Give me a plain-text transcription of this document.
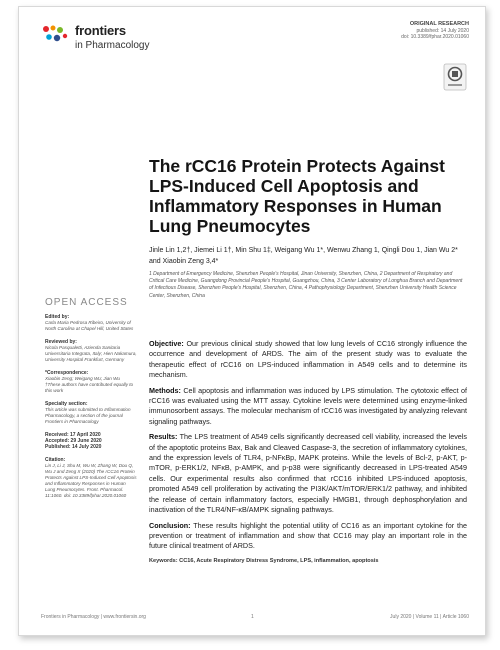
frontiers
in Pharmacology
ORIGINAL RESEARCH
published: 14 July 2020
doi: 10.3389/fphar.2020.01060
The rCC16 Protein Protects Against LPS-Induced Cell Apoptosis and Inflammatory Responses in Human Lung Pneumocytes
Jinle Lin 1,2†, Jiemei Li 1†, Min Shu 1‡, Weigang Wu 1*, Wenwu Zhang 1, Qingli Dou 1, Jian Wu 2* and Xiaobin Zeng 3,4*
1 Department of Emergency Medicine, Shenzhen People's Hospital, Jinan University, Shenzhen, China, 2 Department of Respiratory and Critical Care Medicine, Guangdong Provincial People's Hospital, Guangzhou, China, 3 Center Laboratory of Longhua Branch and Department of Infectious Disease, Shenzhen People's Hospital, Shenzhen, China, 4 Pathophysiology Department, Shenzhen University Health Science Center, Shenzhen, China
OPEN ACCESS
Edited by:
Carla Maria Pedrosa Ribeiro, University of North Carolina at Chapel Hill, United States
Reviewed by:
Nicola Pasqualetti, Azienda Sanitaria Universitaria Integrata, Italy; Hien Nakamura, University Hospital Frankfurt, Germany
*Correspondence:
Xiaobin Zeng; Weigang Wu; Jian Wu
†These authors have contributed equally to this work
Specialty section:
This article was submitted to Inflammation Pharmacology, a section of the journal Frontiers in Pharmacology
Received: 17 April 2020
Accepted: 29 June 2020
Published: 14 July 2020
Citation:
Lin J, Li J, Shu M, Wu W, Zhang W, Dou Q, Wu J and Zeng X (2020) The rCC16 Protein Protects Against LPS-Induced Cell Apoptosis and Inflammatory Responses in Human Lung Pneumocytes. Front. Pharmacol. 11:1060. doi: 10.3389/fphar.2020.01060

Objective: Our previous clinical study showed that low lung levels of CC16 strongly influence the occurrence and development of ARDS. The aim of the present study was to evaluate the therapeutic effect of rCC16 on LPS-induced inflammation in A549 cells and to determine its mechanism.

Methods: Cell apoptosis and inflammation was induced by LPS stimulation. The cytotoxic effect of rCC16 was evaluated using the MTT assay. Cytokine levels were determined using enzyme-linked immunosorbent assays. The molecular mechanism of rCC16 was investigated by analyzing relevant signaling pathways.

Results: The LPS treatment of A549 cells significantly decreased cell viability, increased the levels of the apoptotic proteins Bax, Bak and Cleaved Caspase-3, the secretion of inflammatory cytokines, and the expression levels of TLR4, p-NFκBp, MAPK proteins. While the levels of Bcl-2, p-AKT, p-mTOR, p-ERK1/2, NFκB, p-AMPK, and p-p38 were significantly decreased in LPS-treated A549 cells. Our experimental results also confirmed that rCC16 inhibited LPS-induced apoptosis, promoted A549 cell proliferation by activating the PI3K/AKT/mTOR/ERK1/2 pathway, and inhibited the release of certain inflammatory factors, especially HMGB1, through dephosphorylation and inactivation of the TLR4/NF-κB/AMPK signaling pathways.

Conclusion: These results highlight the potential utility of CC16 as an important cytokine for the prevention or treatment of inflammation and show that CC16 may play an important role in the future clinical treatment of ARDS.

Keywords: CC16, Acute Respiratory Distress Syndrome, LPS, inflammation, apoptosis
Frontiers in Pharmacology | www.frontiersin.org	1	July 2020 | Volume 11 | Article 1060
